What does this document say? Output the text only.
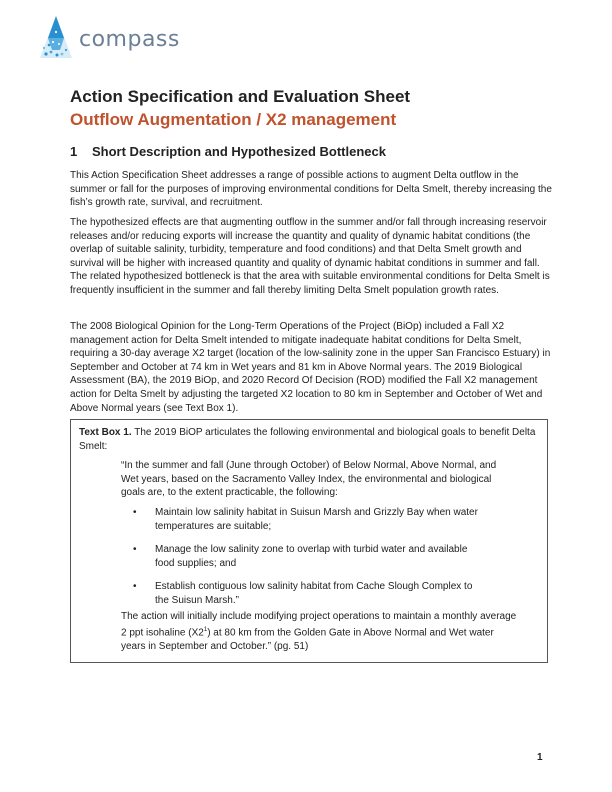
compass
Action Specification and Evaluation Sheet
Outflow Augmentation / X2 management
1 Short Description and Hypothesized Bottleneck

This Action Specification Sheet addresses a range of possible actions to augment Delta outflow in the summer or fall for the purposes of improving environmental conditions for Delta Smelt, thereby increasing the fish’s growth rate, survival, and recruitment.

The hypothesized effects are that augmenting outflow in the summer and/or fall through increasing reservoir releases and/or reducing exports will increase the quantity and quality of dynamic habitat conditions (the overlap of suitable salinity, turbidity, temperature and food conditions) and that Delta Smelt growth and survival will be higher with increased quantity and quality of dynamic habitat conditions in summer and fall. The related hypothesized bottleneck is that the area with suitable environmental conditions for Delta Smelt is frequently insufficient in the summer and fall thereby limiting Delta Smelt population growth rates.

The 2008 Biological Opinion for the Long-Term Operations of the Project (BiOp) included a Fall X2 management action for Delta Smelt intended to mitigate inadequate habitat conditions for Delta Smelt, requiring a 30-day average X2 target (location of the low-salinity zone in the upper San Francisco Estuary) in September and October at 74 km in Wet years and 81 km in Above Normal years. The 2019 Biological Assessment (BA), the 2019 BiOp, and 2020 Record Of Decision (ROD) modified the Fall X2 management action for Delta Smelt by adjusting the targeted X2 location to 80 km in September and October of Wet and Above Normal years (see Text Box 1).

Text Box 1. The 2019 BiOP articulates the following environmental and biological goals to benefit Delta Smelt:

“In the summer and fall (June through October) of Below Normal, Above Normal, and Wet years, based on the Sacramento Valley Index, the environmental and biological goals are, to the extent practicable, the following:

• Maintain low salinity habitat in Suisun Marsh and Grizzly Bay when water temperatures are suitable;
• Manage the low salinity zone to overlap with turbid water and available food supplies; and
• Establish contiguous low salinity habitat from Cache Slough Complex to the Suisun Marsh.”

The action will initially include modifying project operations to maintain a monthly average 2 ppt isohaline $(X2^1)$ at 80 km from the Golden Gate in Above Normal and Wet water years in September and October.” (pg. 51)

1
